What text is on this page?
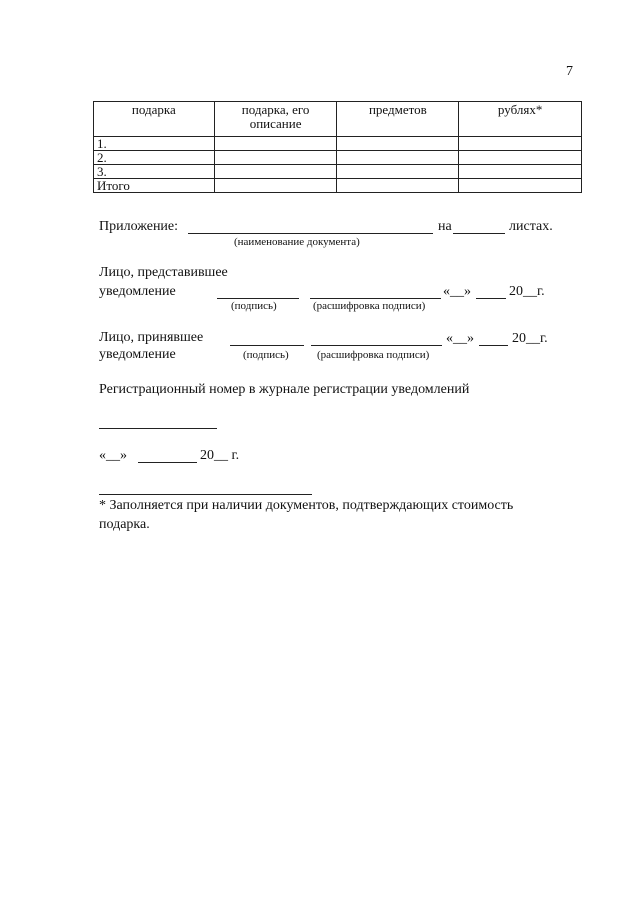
7
подарка	подарка, его описание	предметов	рублях*
1.			
2.			
3.			
Итого			
Приложение:	на	листах.
(наименование документа)
Лицо, представившее
уведомление	«__»	20__г.
(подпись)	(расшифровка подписи)
Лицо, принявшее
уведомление
«__»	20__г.
(подпись)	(расшифровка подписи)
Регистрационный номер в журнале регистрации уведомлений
«__»	20__ г.
* Заполняется при наличии документов, подтверждающих стоимость
подарка.
